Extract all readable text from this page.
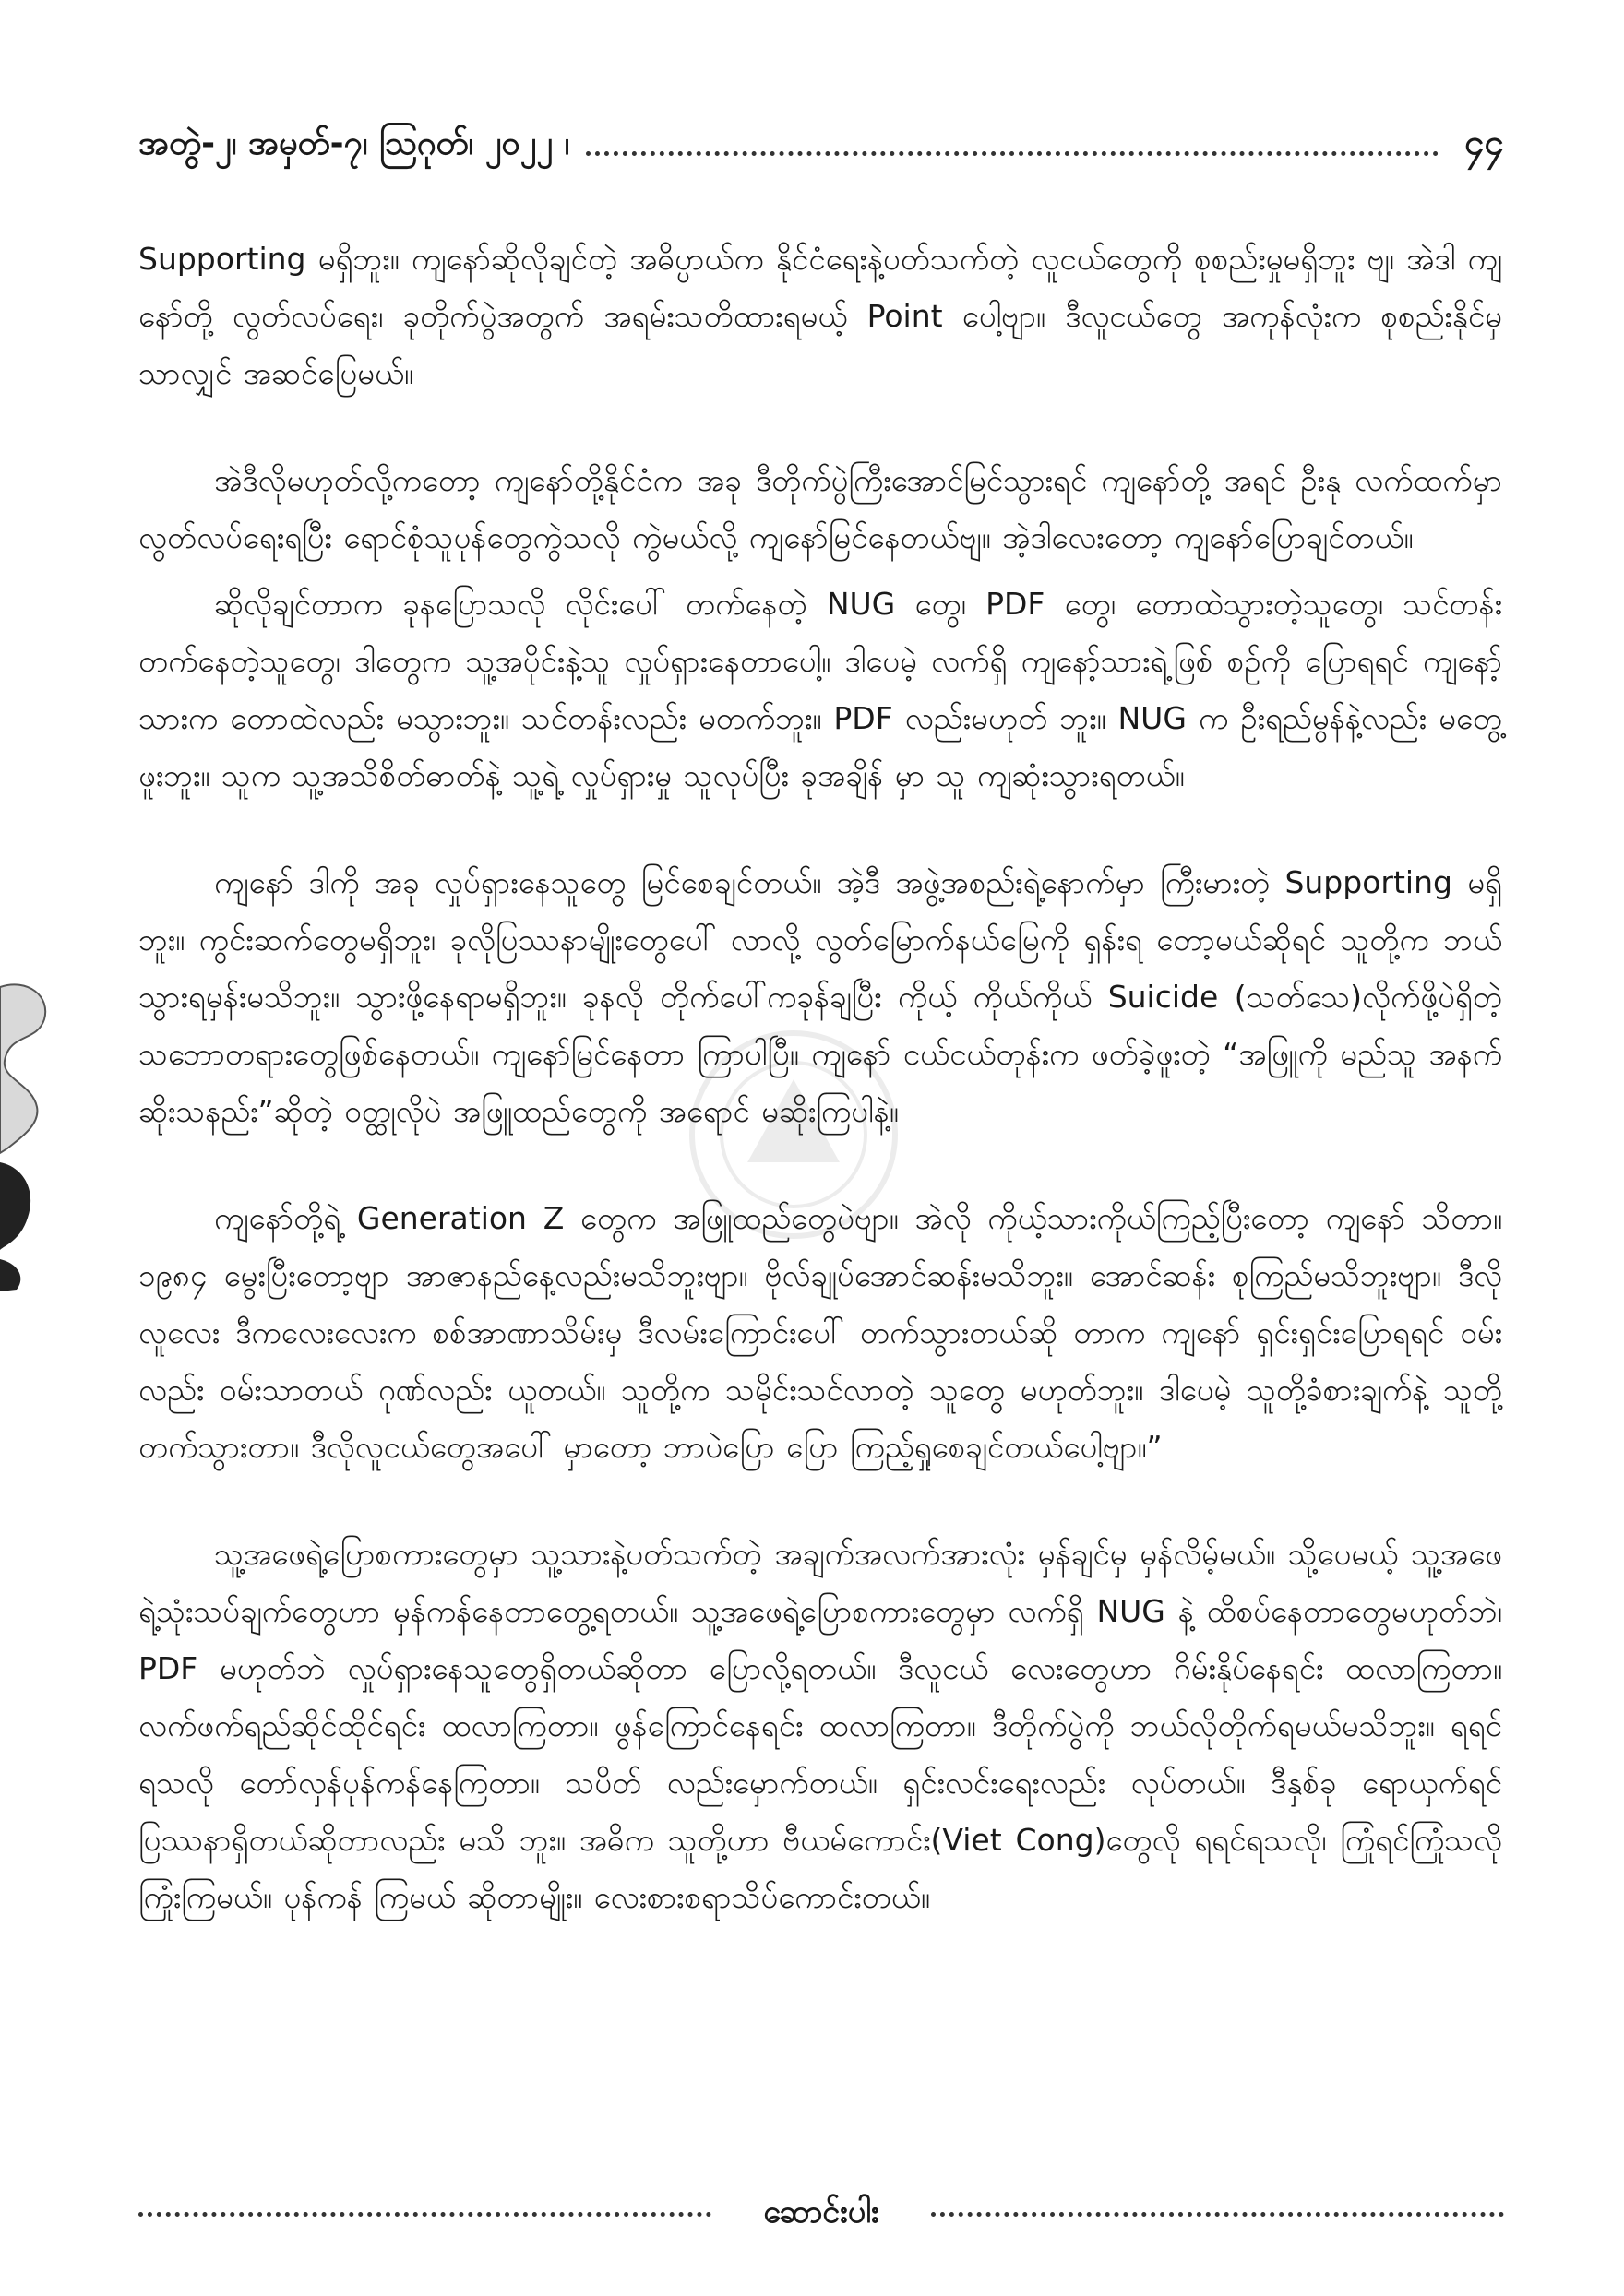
အတွဲ-၂၊ အမှတ်-၇၊ ဩဂုတ်၊ ၂၀၂၂ ၊	၄၄

Supporting မရှိဘူး။ ကျနော်ဆိုလိုချင်တဲ့ အဓိပ္ပာယ်က နိုင်ငံရေးနဲ့ပတ်သက်တဲ့ လူငယ်တွေကို စုစည်းမှုမရှိဘူး ဗျ၊ အဲဒါ ကျနော်တို့ လွတ်လပ်ရေး၊ ခုတိုက်ပွဲအတွက် အရမ်းသတိထားရမယ့် Point ပေါ့ဗျာ။ ဒီလူငယ်တွေ အကုန်လုံးက စုစည်းနိုင်မှသာလျှင် အဆင်ပြေမယ်။

အဲဒီလိုမဟုတ်လို့ကတော့ ကျနော်တို့နိုင်ငံက အခု ဒီတိုက်ပွဲကြီးအောင်မြင်သွားရင် ကျနော်တို့ အရင် ဦးနု လက်ထက်မှာ လွတ်လပ်ရေးရပြီး ရောင်စုံသူပုန်တွေကွဲသလို ကွဲမယ်လို့ ကျနော်မြင်နေတယ်ဗျ။ အဲ့ဒါလေးတော့ ကျနော်ပြောချင်တယ်။

ဆိုလိုချင်တာက ခုနပြောသလို လိုင်းပေါ် တက်နေတဲ့ NUG တွေ၊ PDF တွေ၊ တောထဲသွားတဲ့သူတွေ၊ သင်တန်း တက်နေတဲ့သူတွေ၊ ဒါတွေက သူ့အပိုင်းနဲ့သူ လှုပ်ရှားနေတာပေါ့။ ဒါပေမဲ့ လက်ရှိ ကျနော့်သားရဲ့ဖြစ် စဉ်ကို ပြောရရင် ကျနော့်သားက တောထဲလည်း မသွားဘူး။ သင်တန်းလည်း မတက်ဘူး။ PDF လည်းမဟုတ် ဘူး။ NUG က ဦးရည်မွန်နဲ့လည်း မတွေ့ဖူးဘူး။ သူက သူ့အသိစိတ်ဓာတ်နဲ့ သူ့ရဲ့ လှုပ်ရှားမှု သူလုပ်ပြီး ခုအချိန် မှာ သူ ကျဆုံးသွားရတယ်။

ကျနော် ဒါကို အခု လှုပ်ရှားနေသူတွေ မြင်စေချင်တယ်။ အဲ့ဒီ အဖွဲ့အစည်းရဲ့နောက်မှာ ကြီးမားတဲ့ Supporting မရှိဘူး။ ကွင်းဆက်တွေမရှိဘူး၊ ခုလိုပြဿနာမျိုးတွေပေါ် လာလို့ လွတ်မြောက်နယ်မြေကို ရှန်းရ တော့မယ်ဆိုရင် သူတို့က ဘယ်သွားရမှန်းမသိဘူး။ သွားဖို့နေရာမရှိဘူး။ ခုနလို တိုက်ပေါ်ကခုန်ချပြီး ကိုယ့် ကိုယ်ကိုယ် Suicide (သတ်သေ)လိုက်ဖို့ပဲရှိတဲ့ သဘောတရားတွေဖြစ်နေတယ်။ ကျနော်မြင်နေတာ ကြာပါပြီ။ ကျနော် ငယ်ငယ်တုန်းက ဖတ်ခဲ့ဖူးတဲ့ “အဖြူကို မည်သူ အနက်ဆိုးသနည်း”ဆိုတဲ့ ဝတ္ထုလိုပဲ အဖြူထည်တွေကို အရောင် မဆိုးကြပါနဲ့။

ကျနော်တို့ရဲ့ Generation Z တွေက အဖြူထည်တွေပဲဗျာ။ အဲလို ကိုယ့်သားကိုယ်ကြည့်ပြီးတော့ ကျနော် သိတာ။ ၁၉၈၄ မွေးပြီးတော့ဗျာ အာဇာနည်နေ့လည်းမသိဘူးဗျာ။ ဗိုလ်ချုပ်အောင်ဆန်းမသိဘူး။ အောင်ဆန်း စုကြည်မသိဘူးဗျာ။ ဒီလိုလူလေး ဒီကလေးလေးက စစ်အာဏာသိမ်းမှ ဒီလမ်းကြောင်းပေါ် တက်သွားတယ်ဆို တာက ကျနော် ရှင်းရှင်းပြောရရင် ဝမ်းလည်း ဝမ်းသာတယ် ဂုဏ်လည်း ယူတယ်။ သူတို့က သမိုင်းသင်လာတဲ့ သူတွေ မဟုတ်ဘူး။ ဒါပေမဲ့ သူတို့ခံစားချက်နဲ့ သူတို့တက်သွားတာ။ ဒီလိုလူငယ်တွေအပေါ် မှာတော့ ဘာပဲပြော ပြော ကြည့်ရှုစေချင်တယ်ပေါ့ဗျာ။”

သူ့အဖေရဲ့ပြောစကားတွေမှာ သူ့သားနဲ့ပတ်သက်တဲ့ အချက်အလက်အားလုံး မှန်ချင်မှ မှန်လိမ့်မယ်။ သို့ပေမယ့် သူ့အဖေရဲ့သုံးသပ်ချက်တွေဟာ မှန်ကန်နေတာတွေ့ရတယ်။ သူ့အဖေရဲ့ပြောစကားတွေမှာ လက်ရှိ NUG နဲ့ ထိစပ်နေတာတွေမဟုတ်ဘဲ၊ PDF မဟုတ်ဘဲ လှုပ်ရှားနေသူတွေရှိတယ်ဆိုတာ ပြောလို့ရတယ်။ ဒီလူငယ် လေးတွေဟာ ဂိမ်းနိုပ်နေရင်း ထလာကြတာ။ လက်ဖက်ရည်ဆိုင်ထိုင်ရင်း ထလာကြတာ။ ဖွန်ကြောင်နေရင်း ထလာကြတာ။ ဒီတိုက်ပွဲကို ဘယ်လိုတိုက်ရမယ်မသိဘူး။ ရရင်ရသလို တော်လှန်ပုန်ကန်နေကြတာ။ သပိတ် လည်းမှောက်တယ်။ ရှင်းလင်းရေးလည်း လုပ်တယ်။ ဒီနှစ်ခု ရောယှက်ရင် ပြဿနာရှိတယ်ဆိုတာလည်း မသိ ဘူး။ အဓိက သူတို့ဟာ ဗီယမ်ကောင်း(Viet Cong)တွေလို ရရင်ရသလို၊ ကြုံရင်ကြုံသလို ကြုံးကြမယ်။ ပုန်ကန် ကြမယ် ဆိုတာမျိုး။ လေးစားစရာသိပ်ကောင်းတယ်။

ဆောင်းပါး
